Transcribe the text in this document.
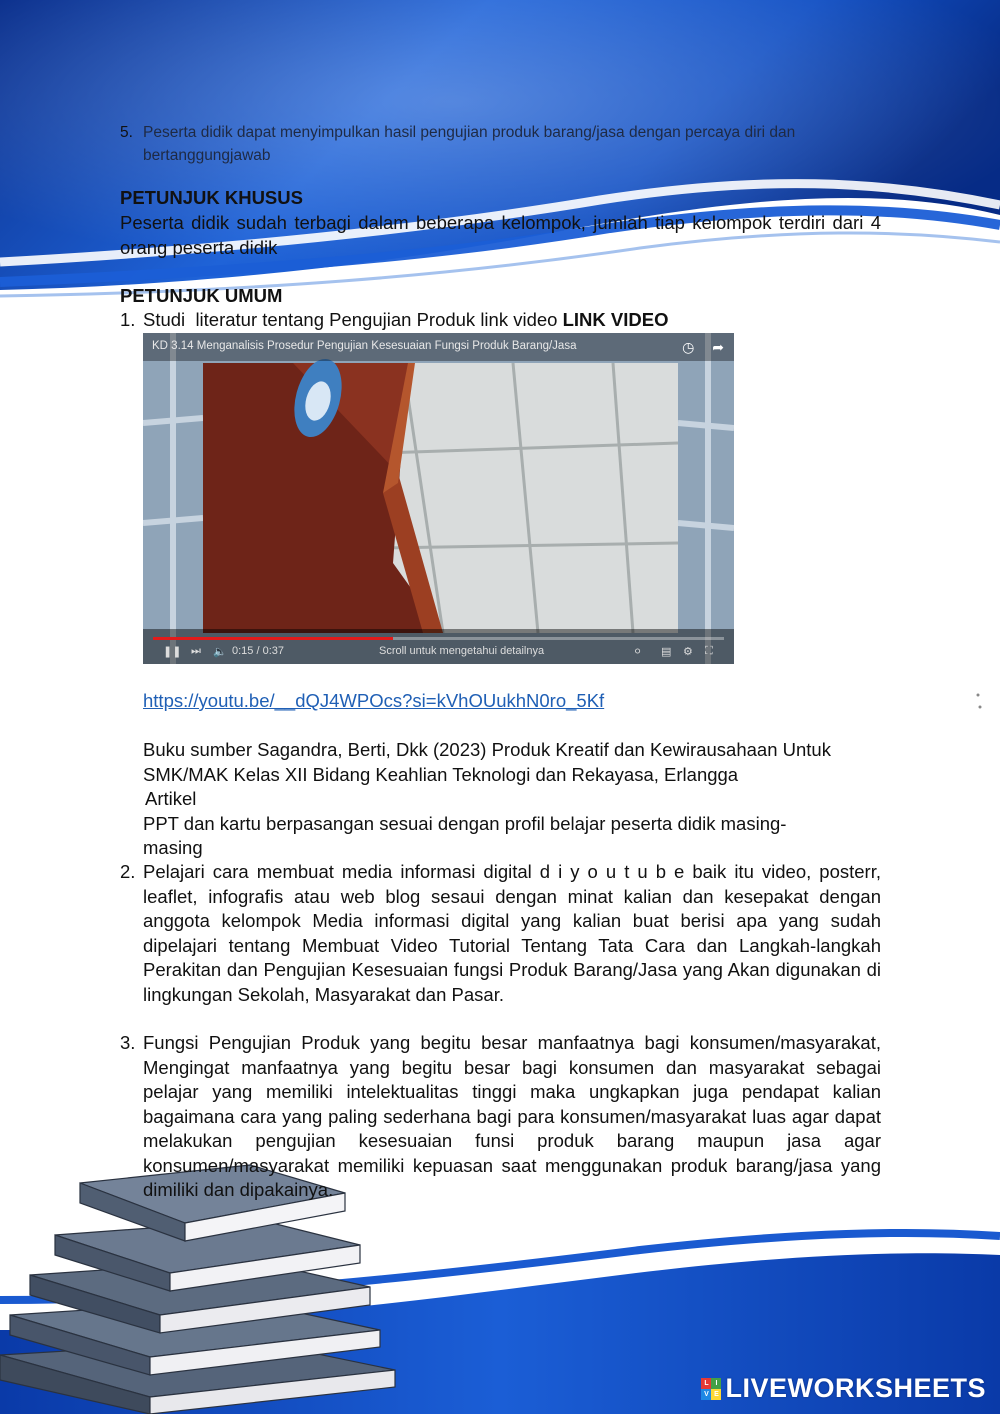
5. Peserta didik dapat menyimpulkan hasil pengujian produk barang/jasa dengan percaya diri dan bertanggungjawab

PETUNJUK KHUSUS

Peserta didik sudah terbagi dalam beberapa kelompok, jumlah tiap kelompok terdiri dari 4 orang peserta didik

PETUNJUK UMUM

1. Studi  literatur tentang Pengujian Produk link video LINK VIDEO

KD 3.14 Menganalisis Prosedur Pengujian Kesesuaian Fungsi Produk Barang/Jasa	◷ ➦
❚❚ ⏭ 🔈 0:15 / 0:37	Scroll untuk mengetahui detailnya	⚪ ▤ ⚙ ⛶
https://youtu.be/__dQJ4WPOcs?si=kVhOUukhN0ro_5Kf

Buku sumber Sagandra, Berti, Dkk (2023) Produk Kreatif dan Kewirausahaan Untuk

SMK/MAK Kelas XII Bidang Keahlian Teknologi dan Rekayasa, Erlangga

Artikel

PPT dan kartu berpasangan sesuai dengan profil belajar peserta didik masing-

masing

2. Pelajari cara membuat media informasi digital d i y o u t u b e baik itu video, posterr, leaflet, infografis atau web blog sesaui dengan minat kalian dan kesepakat dengan anggota kelompok Media informasi digital yang kalian buat berisi apa yang sudah dipelajari tentang Membuat Video Tutorial Tentang Tata Cara dan Langkah-langkah Perakitan dan Pengujian Kesesuaian fungsi Produk Barang/Jasa yang Akan digunakan di lingkungan Sekolah, Masyarakat dan Pasar.

3. Fungsi Pengujian Produk yang begitu besar manfaatnya bagi konsumen/masyarakat, Mengingat manfaatnya yang begitu besar bagi konsumen dan masyarakat sebagai pelajar yang memiliki intelektualitas tinggi maka ungkapkan juga pendapat kalian bagaimana cara yang paling sederhana bagi para konsumen/masyarakat luas agar dapat melakukan pengujian kesesuaian funsi produk barang maupun jasa agar konsumen/masyarakat memiliki kepuasan saat menggunakan produk barang/jasa yang dimiliki dan dipakainya.

L I
V E LIVEWORKSHEETS
